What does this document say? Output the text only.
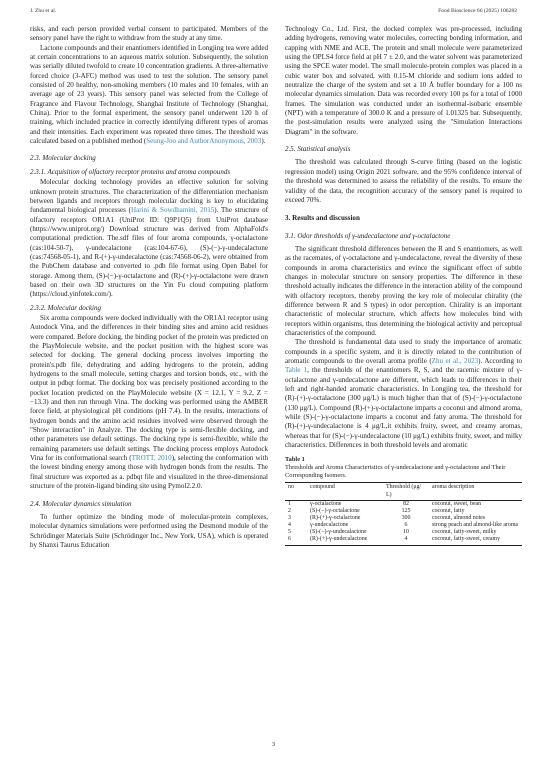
J. Zhu et al.	Food Bioscience 66 (2025) 106282

risks, and each person provided verbal consent to participated. Members of the sensory panel have the right to withdraw from the study at any time.

Lactone compounds and their enantiomers identified in Longjing tea were added at certain concentrations to an aqueous matrix solution. Subsequently, the solution was serially diluted twofold to create 10 concentration gradients. A three-alternative forced choice (3-AFC) method was used to test the solution. The sensory panel consisted of 20 healthy, non-smoking members (10 males and 10 females, with an average age of 23 years). This sensory panel was selected from the College of Fragrance and Flavour Technology, Shanghai Institute of Technology (Shanghai, China). Prior to the formal experiment, the sensory panel underwent 120 h of training, which included practice in correctly identifying different types of aromas and their intensities. Each experiment was repeated three times. The threshold was calculated based on a published method (Seung-Joo and AuthorAnonymous, 2003).

2.3. Molecular docking
2.3.1. Acquisition of olfactory receptor proteins and aroma compounds

Molecular docking technology provides an effective solution for solving unknown protein structures. The characterization of the differentiation mechanism between ligands and receptors through molecular docking is key to elucidating fundamental biological processes (Harini & Sowdhamini, 2015). The structure of olfactory receptors OR1A1 (UniProt ID: Q9P1Q5) from UniProt database (https://www.uniprot.org/) Download structure was derived from AlphaFold's computational prediction. The.sdf files of four aroma compounds, γ-octalactone (cas:104-50-7), γ-undecalactone (cas:104-67-6), (S)-(−)-γ-undecalactone (cas:74568-05-1), and R-(+)-γ-undecalactone (cas:74568-06-2), were obtained from the PubChem database and converted to .pdb file format using Open Babel for storage. Among them, (S)-(−)-γ-octalactone and (R)-(+)-γ-octalactone were drawn based on their own 3D structures on the Yin Fu cloud computing platform (https://cloud.yinfotek.com/).

2.3.2. Molecular docking

Six aroma compounds were docked individually with the OR1A1 receptor using Autodock Vina, and the differences in their binding sites and amino acid residues were compared. Before docking, the binding pocket of the protein was predicted on the PlayMolecule website, and the pocket position with the highest score was selected for docking. The general docking process involves importing the protein's.pdb file, dehydrating and adding hydrogens to the protein, adding hydrogens to the small molecule, setting charges and torsion bonds, etc., with the output in pdbqt format. The docking box was precisely positioned according to the pocket location predicted on the PlayMolecule website (X = 12.1, Y = 9.2, Z = −13.3) and then run through Vina. The docking was performed using the AMBER force field, at physiological pH conditions (pH 7.4). In the results, interactions of hydrogen bonds and the amino acid residues involved were observed through the "Show interaction" in Analyze. The docking type is semi-flexible docking, and other parameters use default settings. The docking type is semi-flexible, while the remaining parameters use default settings. The docking process employs Autodock Vina for its conformational search (TROTT, 2010), selecting the conformation with the lowest binding energy among those with hydrogen bonds from the results. The final structure was exported as a. pdbqt file and visualized in the three-dimensional structure of the protein-ligand binding site using Pymol2.2.0.

2.4. Molecular dynamics simulation

To further optimize the binding mode of molecular-protein complexes, molecular dynamics simulations were performed using the Desmond module of the Schrödinger Materials Suite (Schrödinger Inc., New York, USA), which is operated by Shanxi Taurus Education

Technology Co., Ltd. First, the docked complex was pre-processed, including adding hydrogens, removing water molecules, correcting bonding information, and capping with NME and ACE. The protein and small molecule were parameterized using the OPLS4 force field at pH 7 ± 2.0, and the water solvent was parameterized using the SPCE water model. The small molecule-protein complex was placed in a cubic water box and solvated, with 0.15-M chloride and sodium ions added to neutralize the charge of the system and set a 10 Å buffer boundary for a 100 ns molecular dynamics simulation. Data was recorded every 100 ps for a total of 1000 frames. The simulation was conducted under an isothermal-isobaric ensemble (NPT) with a temperature of 300.0 K and a pressure of 1.01325 bar. Subsequently, the post-simulation results were analyzed using the "Simulation Interactions Diagram" in the software.

2.5. Statistical analysis

The threshold was calculated through S-curve fitting (based on the logistic regression model) using Origin 2021 software, and the 95% confidence interval of the threshold was determined to assess the reliability of the results. To ensure the validity of the data, the recognition accuracy of the sensory panel is required to exceed 70%.

3. Results and discussion
3.1. Odor thresholds of γ-undecalactone and γ-octalactone

The significant threshold differences between the R and S enantiomers, as well as the racemates, of γ-octalactone and γ-undecalactone, reveal the diversity of these compounds in aroma characteristics and evince the significant effect of subtle changes in molecular structure on sensory properties. The difference in these threshold actually indicates the difference in the interaction ability of the compound with olfactory receptors, thereby proving the key role of molecular chirality (the difference between R and S types) in odor perception. Chirality is an important characteristic of molecular structure, which affects how molecules bind with receptors within organisms, thus determining the biological activity and perceptual characteristics of the compound.

The threshold is fundamental data used to study the importance of aromatic compounds in a specific system, and it is directly related to the contribution of aromatic compounds to the overall aroma profile (Zhu et al., 2023). According to Table 1, the thresholds of the enantiomers R, S, and the racemic mixture of γ-octalactone and γ-undecalactone are different, which leads to differences in their left and right-handed aromatic characteristics. In Longjing tea, the threshold for (R)-(+)-γ-octalactone (300 μg/L) is much higher than that of (S)-(−)-γ-octalactone (130 μg/L). Compound (R)-(+)-γ-octalactone imparts a coconut and almond aroma, while (S)-(−)-γ-octalactone imparts a coconut and fatty aroma. The threshold for (R)-(+)-γ-undecalactone is 4 μg/L,it exhibits fruity, sweet, and creamy aromas, whereas that for (S)-(−)-γ-undecalactone (10 μg/L) exhibits fruity, sweet, and milky characteristics. Differences in both threshold levels and aromatic

Table 1
Thresholds and Aroma Characteristics of γ-undecalactone and γ-octalactone and Their Corresponding Isomers.
no	compound	Threshold (μg/ L)	aroma description
1	γ-octalactone	82	coconut, sweet, bean
2	(S)-(−)-γ-octalactone	125	coconut, fatty
3	(R)-(+)-γ-octalactone	300	coconut, almond notes
4	γ-undecalactone	6	strong peach and almond-like aroma
5	(S)-(−)-γ-undecalactone	10	coconut, fatty-sweet, milky
6	(R)-(+)-γ-undecalactone	4	coconut, fatty-sweet, creamy
3
